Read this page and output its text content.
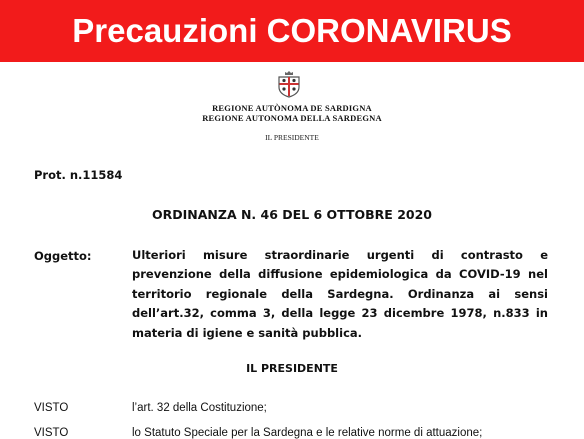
Precauzioni CORONAVIRUS
REGIONE AUTÒNOMA DE SARDIGNA
REGIONE AUTONOMA DELLA SARDEGNA
IL PRESIDENTE
Prot. n.11584
ORDINANZA N. 46 DEL 6 OTTOBRE 2020
Oggetto:	Ulteriori misure straordinarie urgenti di contrasto e prevenzione della diffusione epidemiologica da COVID-19 nel territorio regionale della Sardegna. Ordinanza ai sensi dell’art.32, comma 3, della legge 23 dicembre 1978, n.833 in materia di igiene e sanità pubblica.
IL PRESIDENTE
VISTO	l’art. 32 della Costituzione;
VISTO	lo Statuto Speciale per la Sardegna e le relative norme di attuazione;
